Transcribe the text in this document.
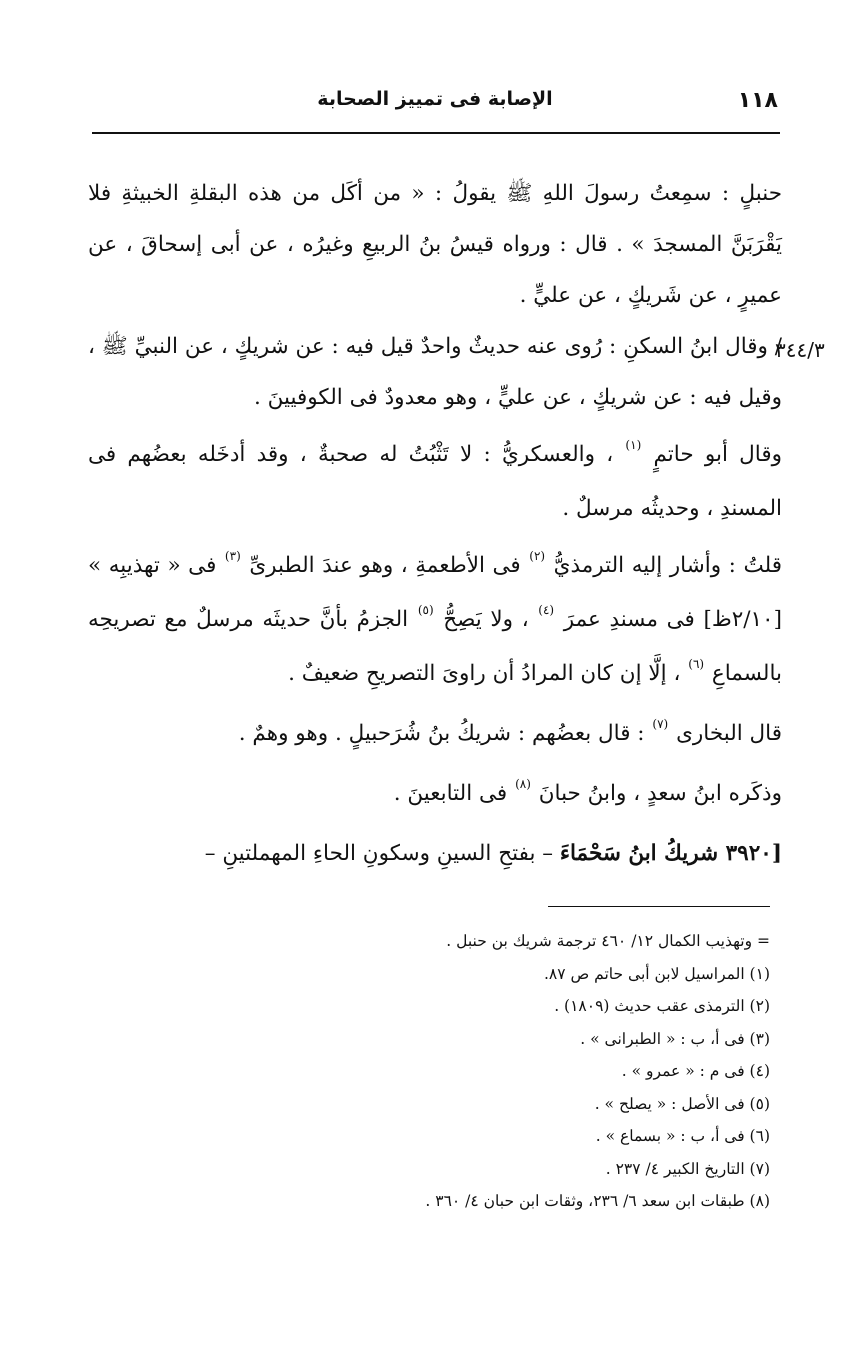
١١٨
الإصابة فى تمييز الصحابة
٣٤٤/٣

حنبلٍ : سمِعتُ رسولَ اللهِ ﷺ يقولُ : « من أكَل من هذه البقلةِ الخبيثةِ فلا يَقْرَبَنَّ المسجدَ » . قال : ورواه قيسُ بنُ الربيعِ وغيرُه ، عن أبى إسحاقَ ، عن عميرٍ ، عن شَريكٍ ، عن عليٍّ .

/ وقال ابنُ السكنِ : رُوى عنه حديثٌ واحدٌ قيل فيه : عن شريكٍ ، عن النبيِّ ﷺ ، وقيل فيه : عن شريكٍ ، عن عليٍّ ، وهو معدودٌ فى الكوفيينَ .

وقال أبو حاتمٍ $^{(١)}$ ، والعسكريُّ : لا تَثْبُتُ له صحبةٌ ، وقد أدخَله بعضُهم فى المسندِ ، وحديثُه مرسلٌ .

قلتُ : وأشار إليه الترمذيُّ $^{(٢)}$ فى الأطعمةِ ، وهو عندَ الطبرىِّ $^{(٣)}$ فى « تهذيبِه » [٢/١٠ظ] فى مسندِ عمرَ $^{(٤)}$ ، ولا يَصِحُّ $^{(٥)}$ الجزمُ بأنَّ حديثَه مرسلٌ مع تصريحِه بالسماعِ $^{(٦)}$ ، إلَّا إن كان المرادُ أن راوىَ التصريحِ ضعيفٌ .

قال البخارى $^{(٧)}$ : قال بعضُهم : شريكُ بنُ شُرَحبيلٍ . وهو وهمٌ .

وذكَره ابنُ سعدٍ ، وابنُ حبانَ $^{(٨)}$ فى التابعينَ .

[٣٩٢٠ شريكُ ابنُ سَحْمَاءَ – بفتحِ السينِ وسكونِ الحاءِ المهملتينِ –

= وتهذيب الكمال ١٢/ ٤٦٠ ترجمة شريك بن حنبل .

(١) المراسيل لابن أبى حاتم ص ٨٧.

(٢) الترمذى عقب حديث (١٨٠٩) .

(٣) فى أ، ب : « الطبرانى » .

(٤) فى م : « عمرو » .

(٥) فى الأصل : « يصلح » .

(٦) فى أ، ب : « بسماع » .

(٧) التاريخ الكبير ٤/ ٢٣٧ .

(٨) طبقات ابن سعد ٦/ ٢٣٦، وثقات ابن حبان ٤/ ٣٦٠ .
